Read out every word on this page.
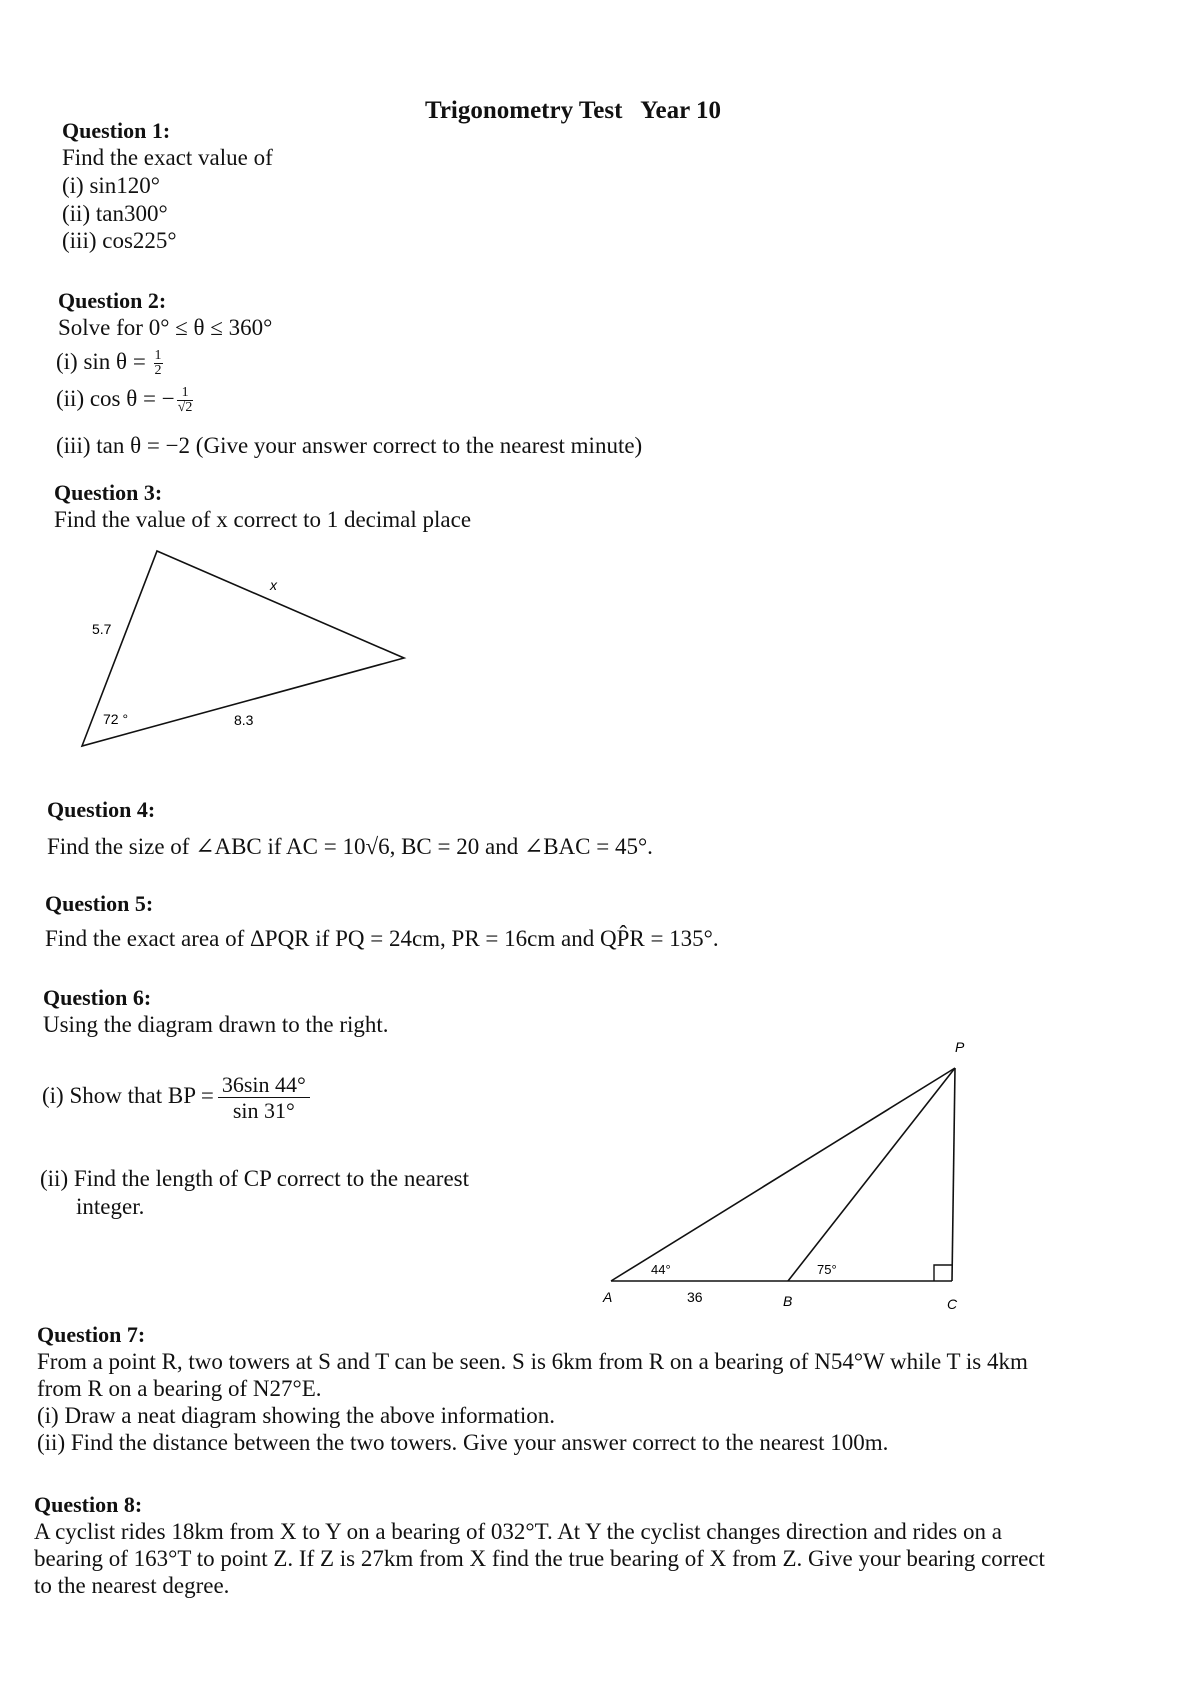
Trigonometry Test   Year 10
Question 1:
Find the exact value of
(i) sin120°
(ii) tan300°
(iii) cos225°
Question 2:
Solve for 0° ≤ θ ≤ 360°
(i) $\sin \theta = \frac{1}{2}$
(ii) cos θ = − $\frac{1}{√2}$
(iii) tan θ = −2 (Give your answer correct to the nearest minute)
Question 3:
Find the value of x correct to 1 decimal place
5.7
x
8.3
72 °
P
A	B	C
44°	75°
36
Question 4:
Find the size of ∠ABC if AC = 10√6, BC = 20 and ∠BAC = 45°.
Question 5:
Find the exact area of ΔPQR if PQ = 24cm, PR = 16cm and QP̂R = 135°.
Question 6:
Using the diagram drawn to the right.
(i) Show that BP = $\frac{36\sin 44^\circ}{\sin 31^\circ}$
(ii) Find the length of CP correct to the nearest
integer.
Question 7:
From a point R, two towers at S and T can be seen. S is 6km from R on a bearing of N54°W while T is 4km
from R on a bearing of N27°E.
(i) Draw a neat diagram showing the above information.
(ii) Find the distance between the two towers. Give your answer correct to the nearest 100m.
Question 8:
A cyclist rides 18km from X to Y on a bearing of 032°T. At Y the cyclist changes direction and rides on a
bearing of 163°T to point Z. If Z is 27km from X find the true bearing of X from Z. Give your bearing correct
to the nearest degree.
